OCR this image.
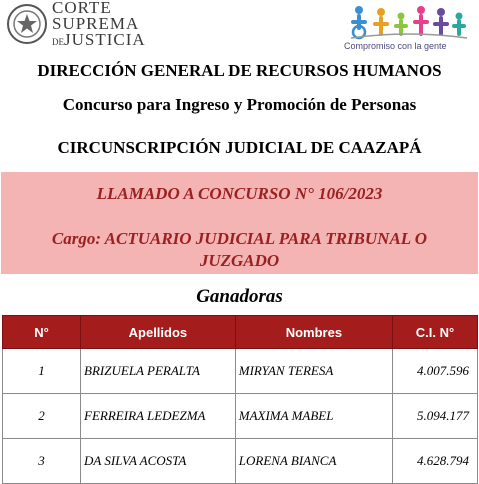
CORTE
SUPREMA
DEJUSTICIA	Compromiso con la gente
DIRECCIÓN GENERAL DE RECURSOS HUMANOS
Concurso para Ingreso y Promoción de Personas
CIRCUNSCRIPCIÓN JUDICIAL DE CAAZAPÁ
LLAMADO A CONCURSO N° 106/2023
Cargo: ACTUARIO JUDICIAL PARA TRIBUNAL O JUZGADO
Ganadoras
N°	Apellidos	Nombres	C.I. N°
1	BRIZUELA PERALTA	MIRYAN TERESA	4.007.596
2	FERREIRA LEDEZMA	MAXIMA MABEL	5.094.177
3	DA SILVA ACOSTA	LORENA BIANCA	4.628.794
